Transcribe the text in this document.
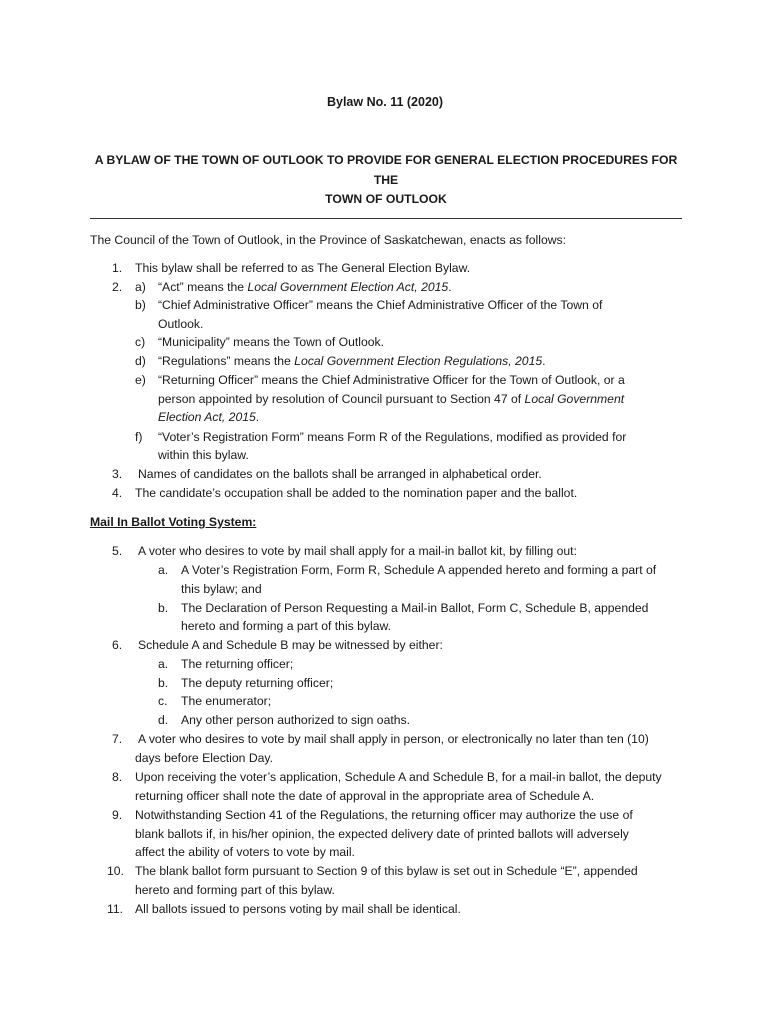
Bylaw No. 11 (2020)
A BYLAW OF THE TOWN OF OUTLOOK TO PROVIDE FOR GENERAL ELECTION PROCEDURES FOR THE
TOWN OF OUTLOOK
The Council of the Town of Outlook, in the Province of Saskatchewan, enacts as follows:
1. This bylaw shall be referred to as The General Election Bylaw.
2. a) “Act” means the Local Government Election Act, 2015.
b) “Chief Administrative Officer” means the Chief Administrative Officer of the Town of
Outlook.
c) “Municipality” means the Town of Outlook.
d) “Regulations” means the Local Government Election Regulations, 2015.
e) “Returning Officer” means the Chief Administrative Officer for the Town of Outlook, or a
person appointed by resolution of Council pursuant to Section 47 of Local Government
Election Act, 2015.
f) “Voter’s Registration Form” means Form R of the Regulations, modified as provided for
within this bylaw.
3. Names of candidates on the ballots shall be arranged in alphabetical order.
4. The candidate’s occupation shall be added to the nomination paper and the ballot.
Mail In Ballot Voting System:
5. A voter who desires to vote by mail shall apply for a mail-in ballot kit, by filling out:
a. A Voter’s Registration Form, Form R, Schedule A appended hereto and forming a part of
this bylaw; and
b. The Declaration of Person Requesting a Mail-in Ballot, Form C, Schedule B, appended
hereto and forming a part of this bylaw.
6. Schedule A and Schedule B may be witnessed by either:
a. The returning officer;
b. The deputy returning officer;
c. The enumerator;
d. Any other person authorized to sign oaths.
7. A voter who desires to vote by mail shall apply in person, or electronically no later than ten (10)
days before Election Day.
8. Upon receiving the voter’s application, Schedule A and Schedule B, for a mail-in ballot, the deputy
returning officer shall note the date of approval in the appropriate area of Schedule A.
9. Notwithstanding Section 41 of the Regulations, the returning officer may authorize the use of
blank ballots if, in his/her opinion, the expected delivery date of printed ballots will adversely
affect the ability of voters to vote by mail.
10. The blank ballot form pursuant to Section 9 of this bylaw is set out in Schedule “E”, appended
hereto and forming part of this bylaw.
11. All ballots issued to persons voting by mail shall be identical.
